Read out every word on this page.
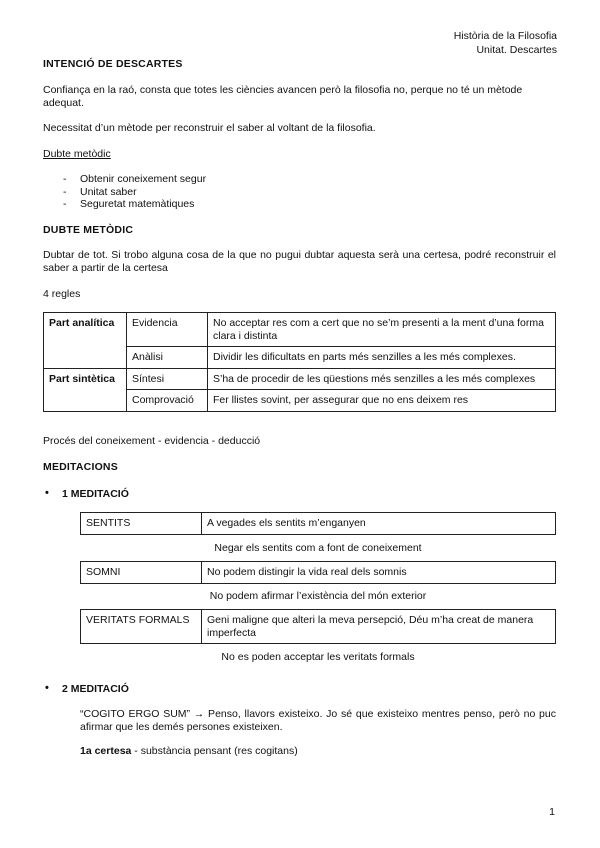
Història de la Filosofia
Unitat. Descartes
INTENCIÓ DE DESCARTES
Confiança en la raó, consta que totes les ciències avancen però la filosofia no, perque no té un mètode adequat.
Necessitat d’un mètode per reconstruir el saber al voltant de la filosofia.
Dubte metòdic
- Obtenir coneixement segur
- Unitat saber
- Seguretat matemàtiques
DUBTE METÒDIC
Dubtar de tot. Si trobo alguna cosa de la que no pugui dubtar aquesta serà una certesa, podré reconstruir el saber a partir de la certesa
4 regles
Part analítica	Evidencia	No acceptar res com a cert que no se’m presenti a la ment d’una forma clara i distinta
	Anàlisi	Dividir les dificultats en parts més senzilles a les més complexes.
Part sintètica	Síntesi	S’ha de procedir de les qüestions més senzilles a les més complexes
	Comprovació	Fer llistes sovint, per assegurar que no ens deixem res
Procés del coneixement - evidencia - deducció
MEDITACIONS
• 1 MEDITACIÓ
SENTITS	A vegades els sentits m’enganyen
Negar els sentits com a font de coneixement
SOMNI	No podem distingir la vida real dels somnis
No podem afirmar l’existència del món exterior
VERITATS FORMALS	Geni maligne que alteri la meva persepció, Déu m’ha creat de manera imperfecta
No es poden acceptar les veritats formals
• 2 MEDITACIÓ
“COGITO ERGO SUM” → Penso, llavors existeixo. Jo sé que existeixo mentres penso, però no puc afirmar que les demés persones existeixen.
1a certesa - substància pensant (res cogitans)
1
